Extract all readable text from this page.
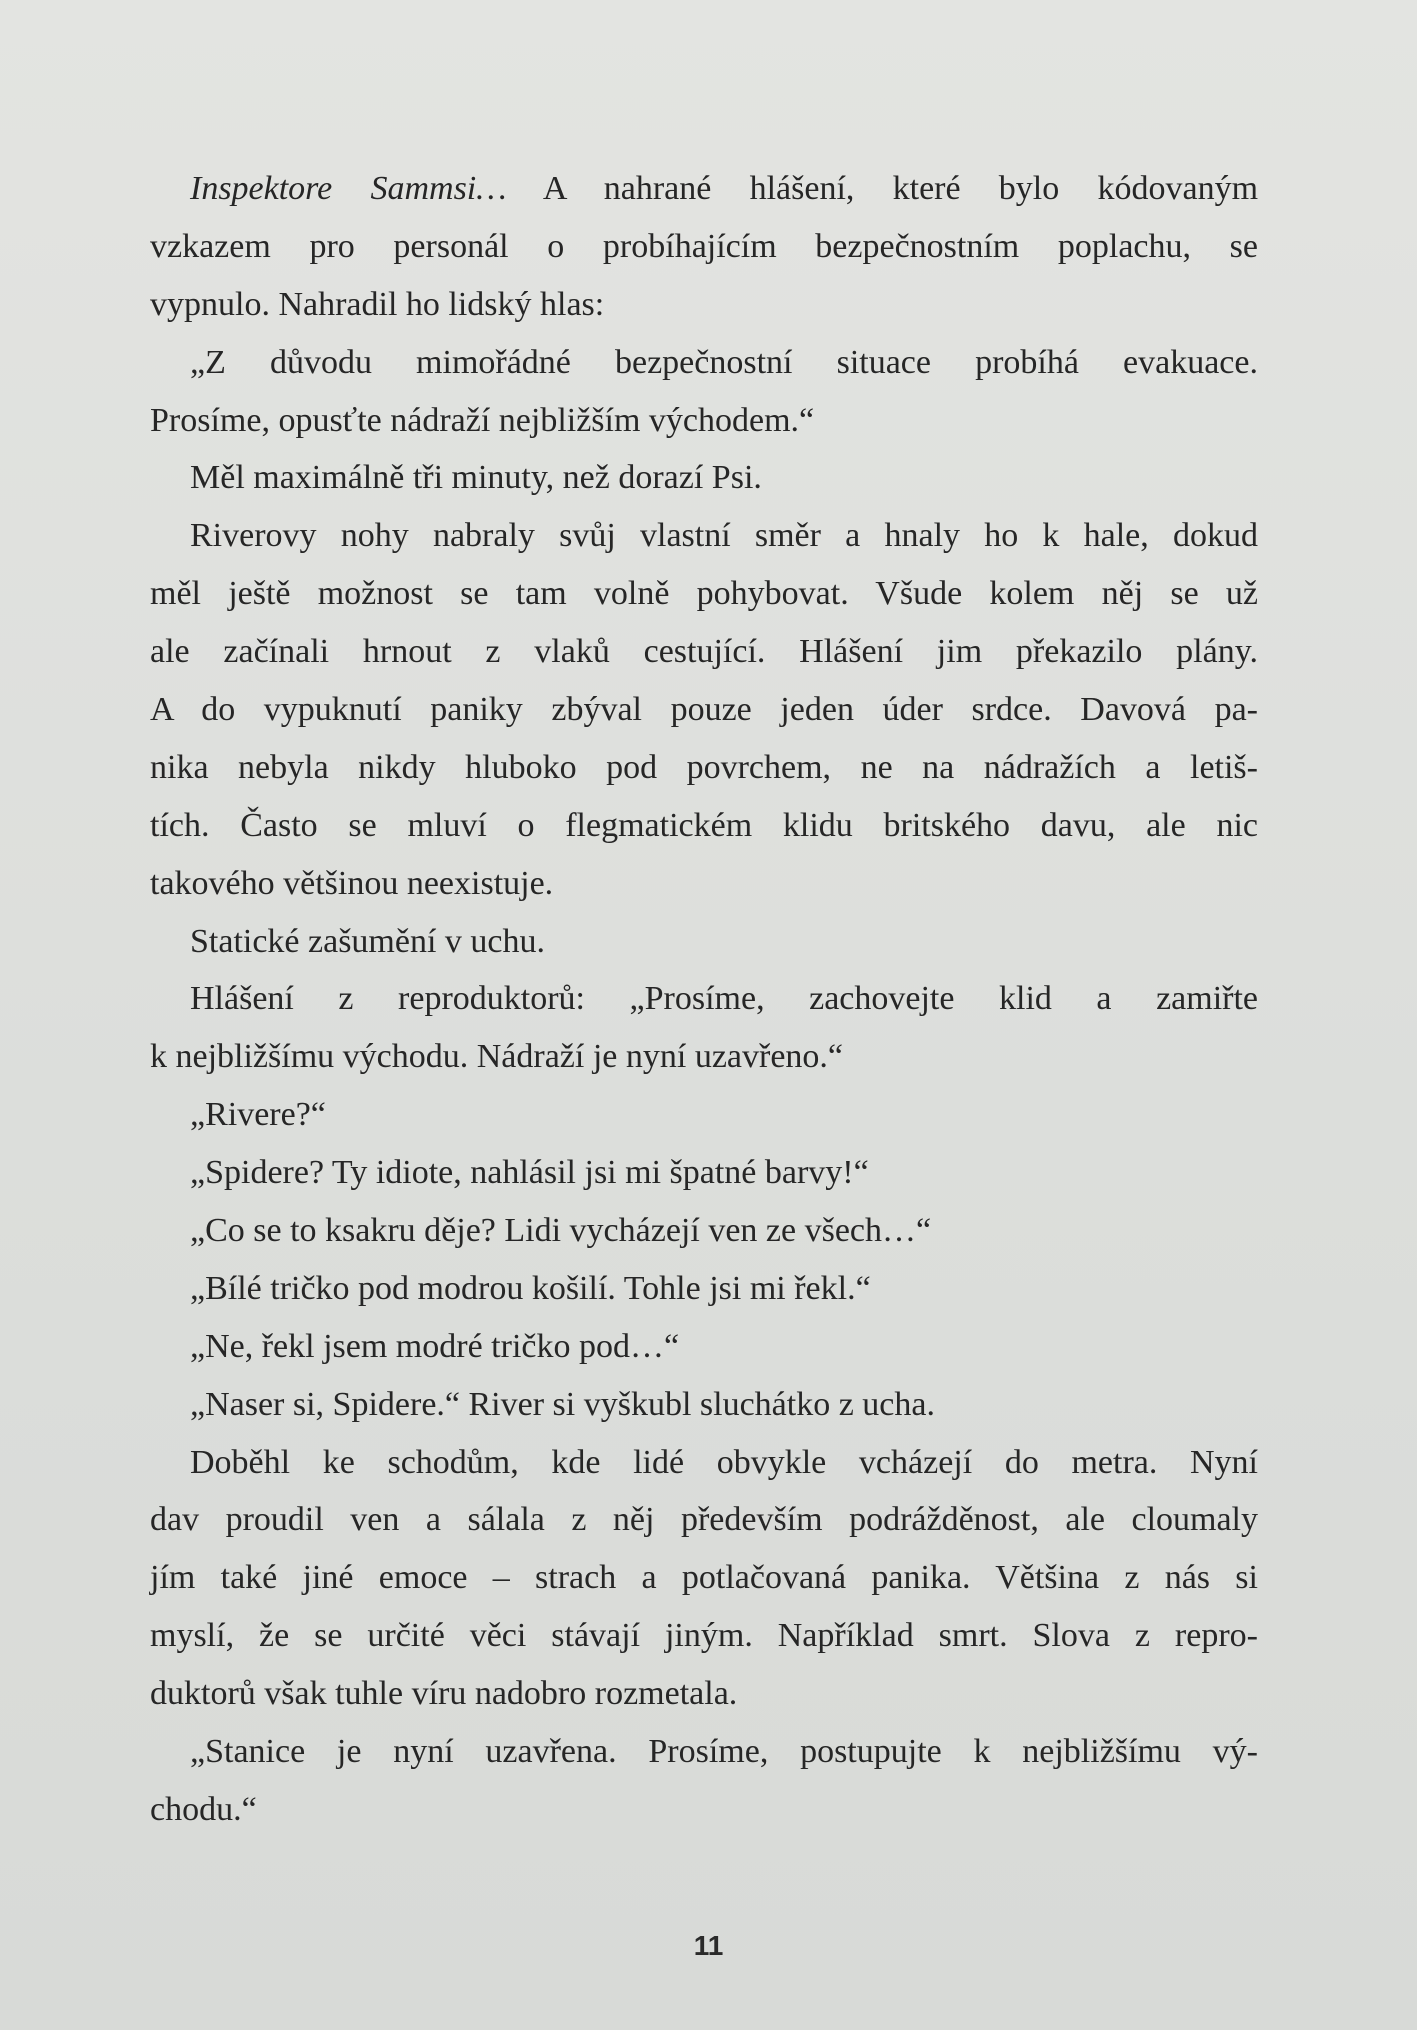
Inspektore Sammsi… A nahrané hlášení, které bylo kódovaným
vzkazem pro personál o probíhajícím bezpečnostním poplachu, se
vypnulo. Nahradil ho lidský hlas:
„Z důvodu mimořádné bezpečnostní situace probíhá evakuace.
Prosíme, opusťte nádraží nejbližším východem.“
Měl maximálně tři minuty, než dorazí Psi.
Riverovy nohy nabraly svůj vlastní směr a hnaly ho k hale, dokud
měl ještě možnost se tam volně pohybovat. Všude kolem něj se už
ale začínali hrnout z vlaků cestující. Hlášení jim překazilo plány.
A do vypuknutí paniky zbýval pouze jeden úder srdce. Davová pa-
nika nebyla nikdy hluboko pod povrchem, ne na nádražích a letiš-
tích. Často se mluví o flegmatickém klidu britského davu, ale nic
takového většinou neexistuje.
Statické zašumění v uchu.
Hlášení z reproduktorů: „Prosíme, zachovejte klid a zamiřte
k nejbližšímu východu. Nádraží je nyní uzavřeno.“
„Rivere?“
„Spidere? Ty idiote, nahlásil jsi mi špatné barvy!“
„Co se to ksakru děje? Lidi vycházejí ven ze všech…“
„Bílé tričko pod modrou košilí. Tohle jsi mi řekl.“
„Ne, řekl jsem modré tričko pod…“
„Naser si, Spidere.“ River si vyškubl sluchátko z ucha.
Doběhl ke schodům, kde lidé obvykle vcházejí do metra. Nyní
dav proudil ven a sálala z něj především podrážděnost, ale cloumaly
jím také jiné emoce – strach a potlačovaná panika. Většina z nás si
myslí, že se určité věci stávají jiným. Například smrt. Slova z repro-
duktorů však tuhle víru nadobro rozmetala.
„Stanice je nyní uzavřena. Prosíme, postupujte k nejbližšímu vý-
chodu.“
11
